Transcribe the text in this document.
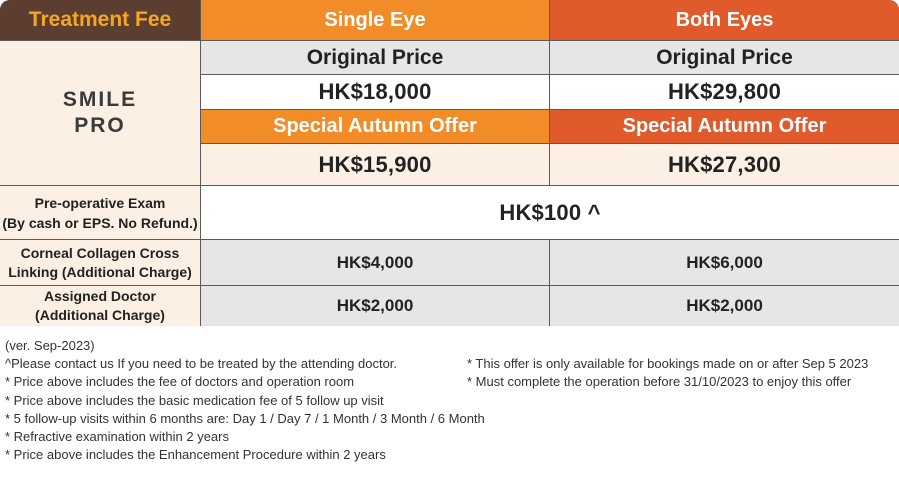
Treatment Fee	Single Eye	Both Eyes
SMILE
PRO
Original Price	Original Price
HK$18,000	HK$29,800
Special Autumn Offer	Special Autumn Offer
HK$15,900	HK$27,300
Pre-operative Exam
(By cash or EPS. No Refund.)	HK$100 ^
Corneal Collagen Cross
Linking (Additional Charge)	HK$4,000	HK$6,000
Assigned Doctor
(Additional Charge)	HK$2,000	HK$2,000
(ver. Sep-2023)
^Please contact us If you need to be treated by the attending doctor.
* Price above includes the fee of doctors and operation room
* Price above includes the basic medication fee of 5 follow up visit
* 5 follow-up visits within 6 months are: Day 1 / Day 7 / 1 Month / 3 Month / 6 Month
* Refractive examination within 2 years
* Price above includes the Enhancement Procedure within 2 years
* This offer is only available for bookings made on or after Sep 5 2023
* Must complete the operation before 31/10/2023 to enjoy this offer
